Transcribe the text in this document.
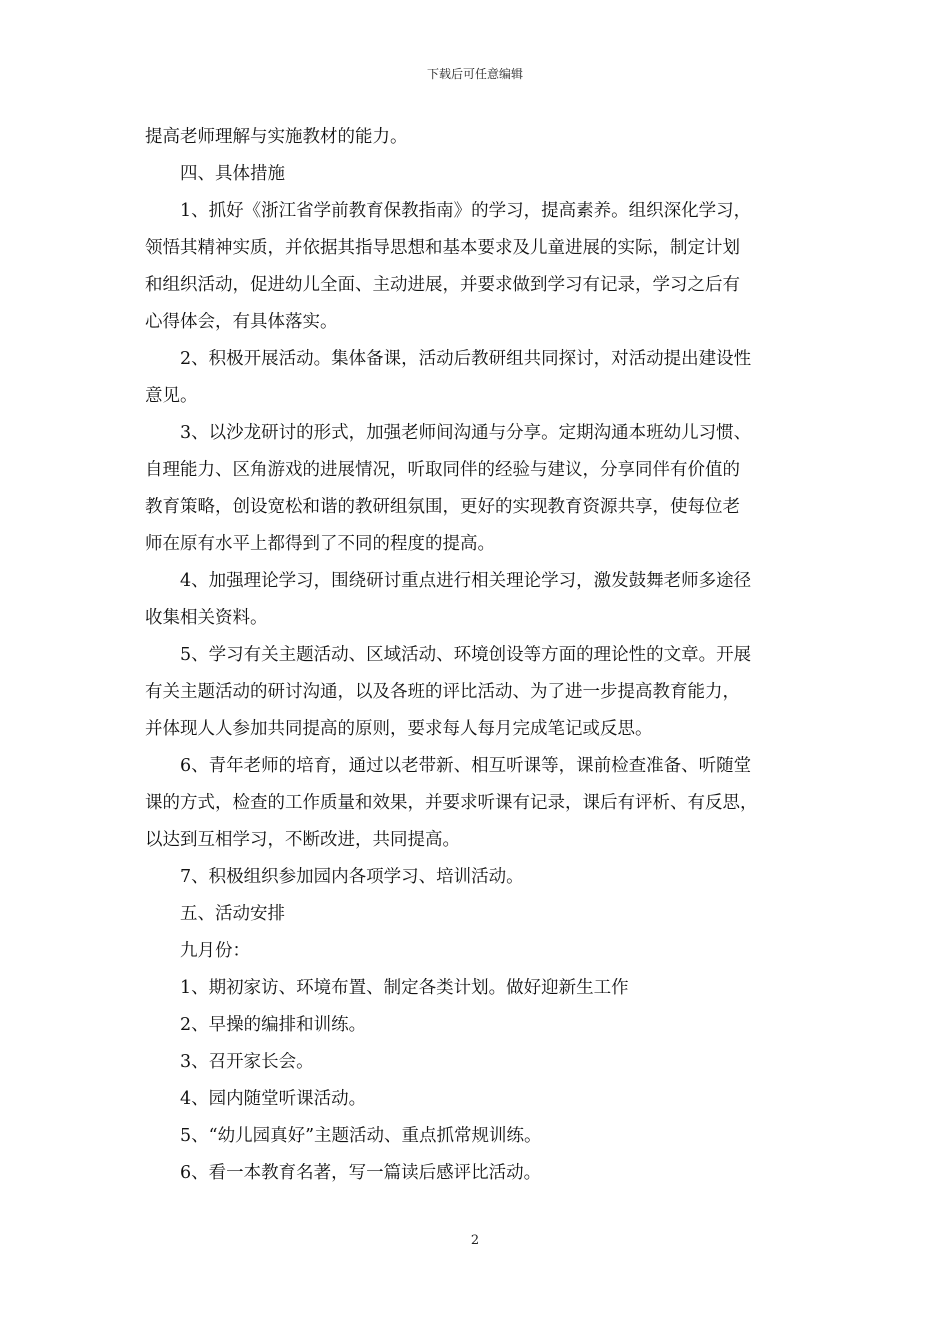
下载后可任意编辑
提高老师理解与实施教材的能力。
四、具体措施
1、抓好《浙江省学前教育保教指南》的学习，提高素养。组织深化学习，
领悟其精神实质，并依据其指导思想和基本要求及儿童进展的实际，制定计划
和组织活动，促进幼儿全面、主动进展，并要求做到学习有记录，学习之后有
心得体会，有具体落实。
2、积极开展活动。集体备课，活动后教研组共同探讨，对活动提出建设性
意见。
3、以沙龙研讨的形式，加强老师间沟通与分享。定期沟通本班幼儿习惯、
自理能力、区角游戏的进展情况，听取同伴的经验与建议，分享同伴有价值的
教育策略，创设宽松和谐的教研组氛围，更好的实现教育资源共享，使每位老
师在原有水平上都得到了不同的程度的提高。
4、加强理论学习，围绕研讨重点进行相关理论学习，激发鼓舞老师多途径
收集相关资料。
5、学习有关主题活动、区域活动、环境创设等方面的理论性的文章。开展
有关主题活动的研讨沟通，以及各班的评比活动、为了进一步提高教育能力，
并体现人人参加共同提高的原则，要求每人每月完成笔记或反思。
6、青年老师的培育，通过以老带新、相互听课等，课前检查准备、听随堂
课的方式，检查的工作质量和效果，并要求听课有记录，课后有评析、有反思，
以达到互相学习，不断改进，共同提高。
7、积极组织参加园内各项学习、培训活动。
五、活动安排
九月份：
1、期初家访、环境布置、制定各类计划。做好迎新生工作
2、早操的编排和训练。
3、召开家长会。
4、园内随堂听课活动。
5、“幼儿园真好”主题活动、重点抓常规训练。
6、看一本教育名著，写一篇读后感评比活动。
2
